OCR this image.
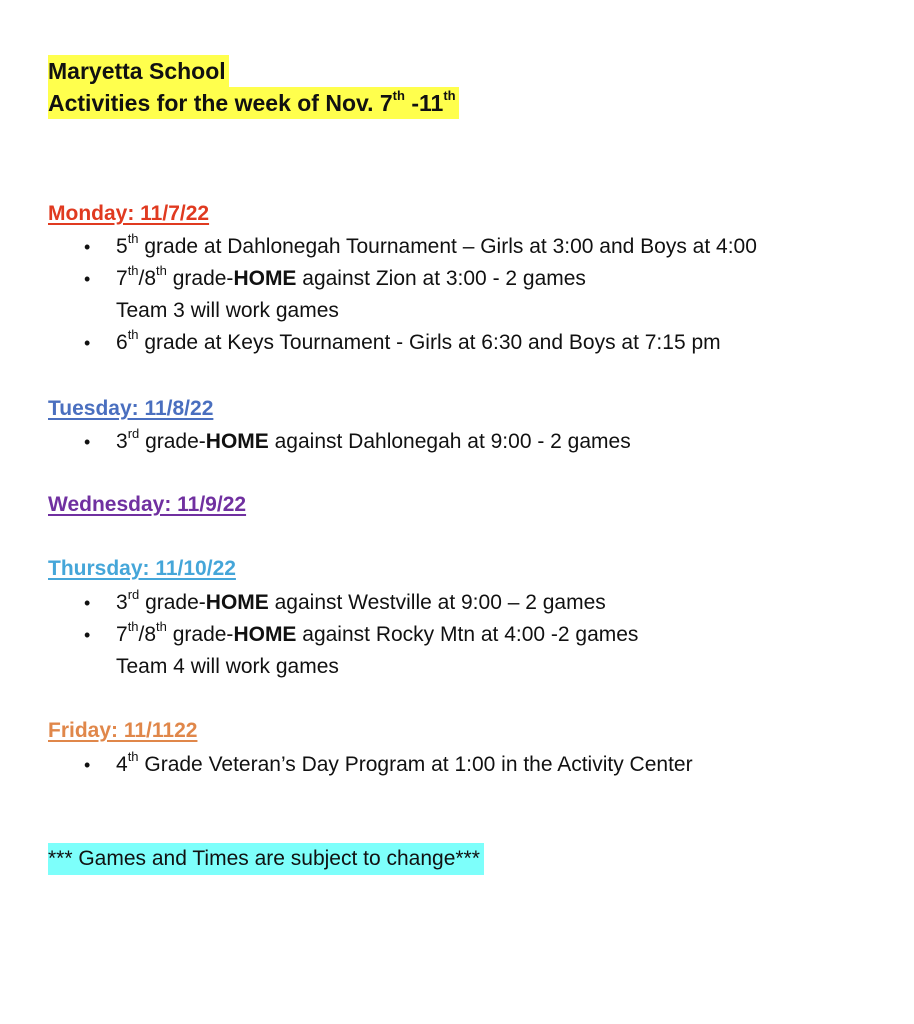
Maryetta School
Activities for the week of Nov. 7th -11th
Monday: 11/7/22
• 5th grade at Dahlonegah Tournament – Girls at 3:00 and Boys at 4:00
• 7th/8th grade-HOME against Zion at 3:00 - 2 games
Team 3 will work games
• 6th grade at Keys Tournament - Girls at 6:30 and Boys at 7:15 pm
Tuesday: 11/8/22
• 3rd grade-HOME against Dahlonegah at 9:00 - 2 games
Wednesday: 11/9/22
Thursday: 11/10/22
• 3rd grade-HOME against Westville at 9:00 – 2 games
• 7th/8th grade-HOME against Rocky Mtn at 4:00 -2 games
Team 4 will work games
Friday: 11/1122
• 4th Grade Veteran’s Day Program at 1:00 in the Activity Center
*** Games and Times are subject to change***
